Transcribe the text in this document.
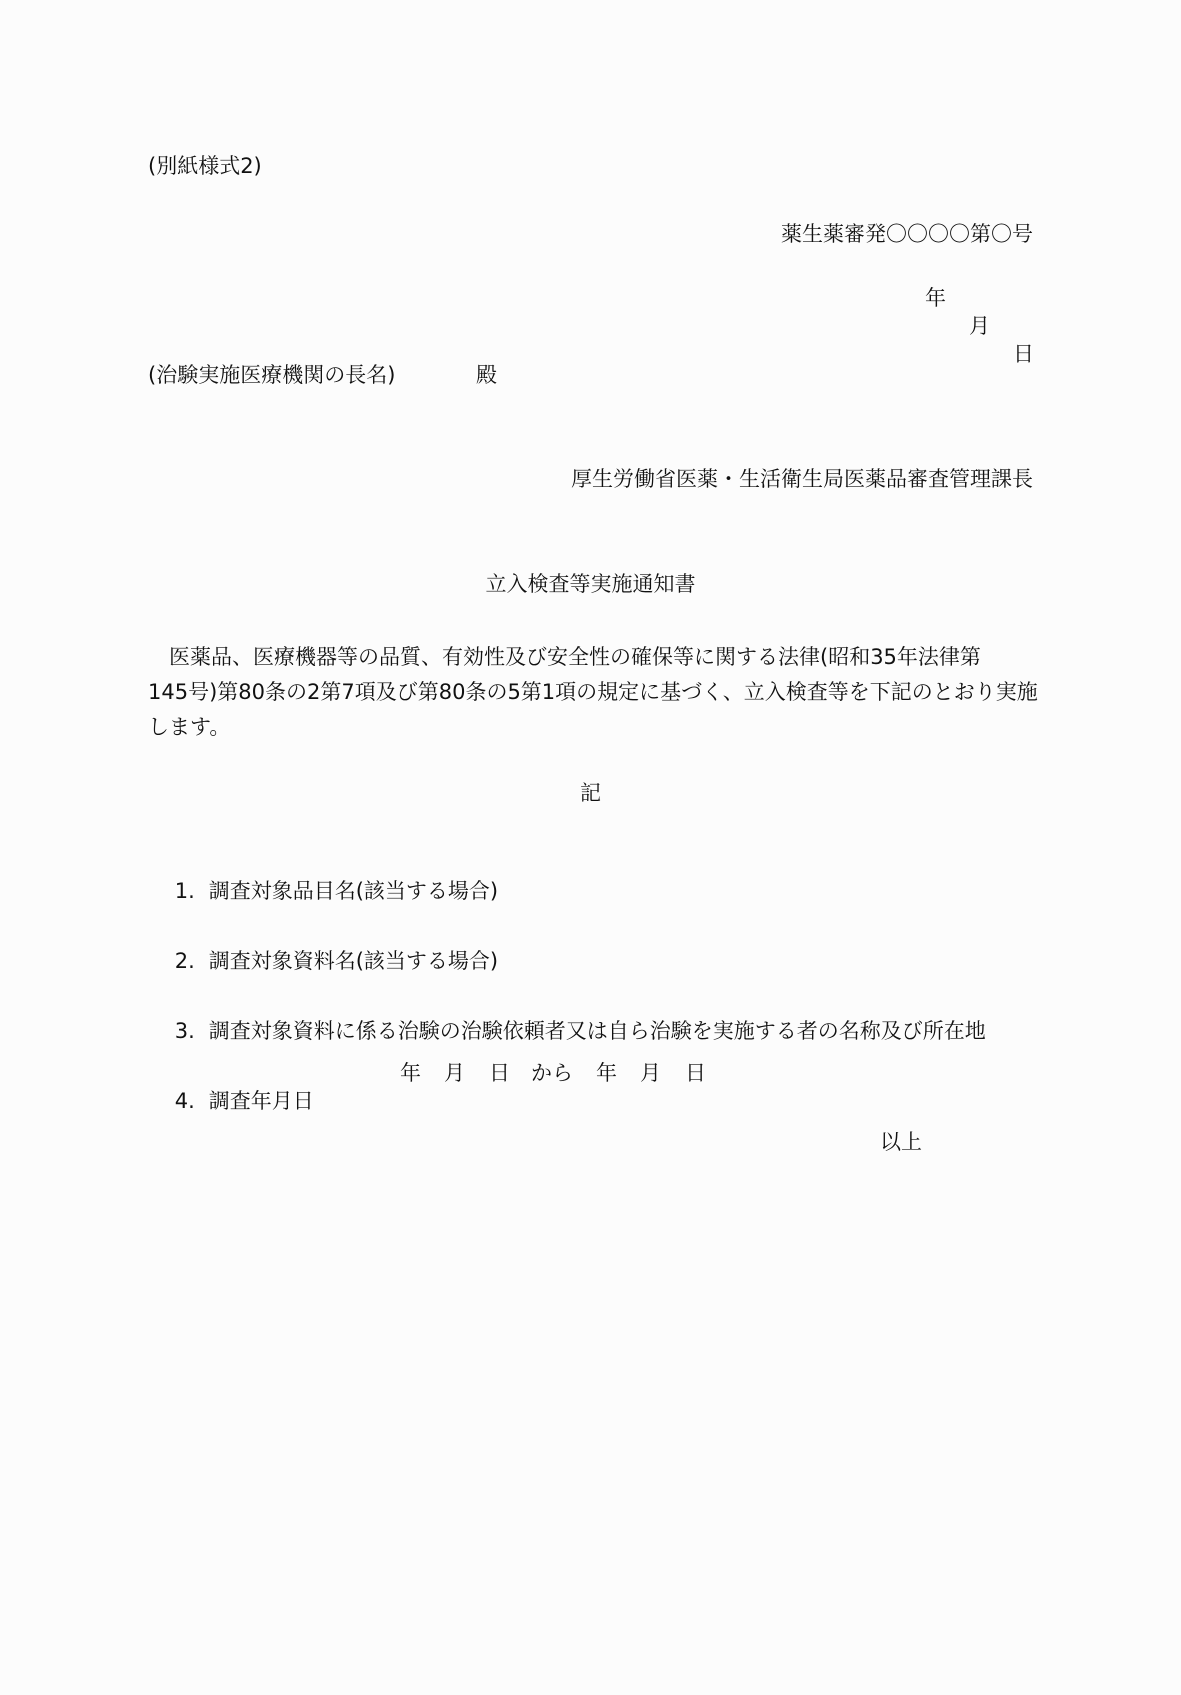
(別紙様式2)
薬生薬審発〇〇〇〇第〇号

年

月

日

(治験実施医療機関の長名)	殿
厚生労働省医薬・生活衛生局医薬品審査管理課長
立入検査等実施通知書
　医薬品、医療機器等の品質、有効性及び安全性の確保等に関する法律(昭和35年法律第
145号)第80条の2第7項及び第80条の5第1項の規定に基づく、立入検査等を下記のとおり実施
します。
記

1. 調査対象品目名(該当する場合)

2. 調査対象資料名(該当する場合)

3. 調査対象資料に係る治験の治験依頼者又は自ら治験を実施する者の名称及び所在地

4. 調査年月日

年

月

日

から

年

月

日

以上
